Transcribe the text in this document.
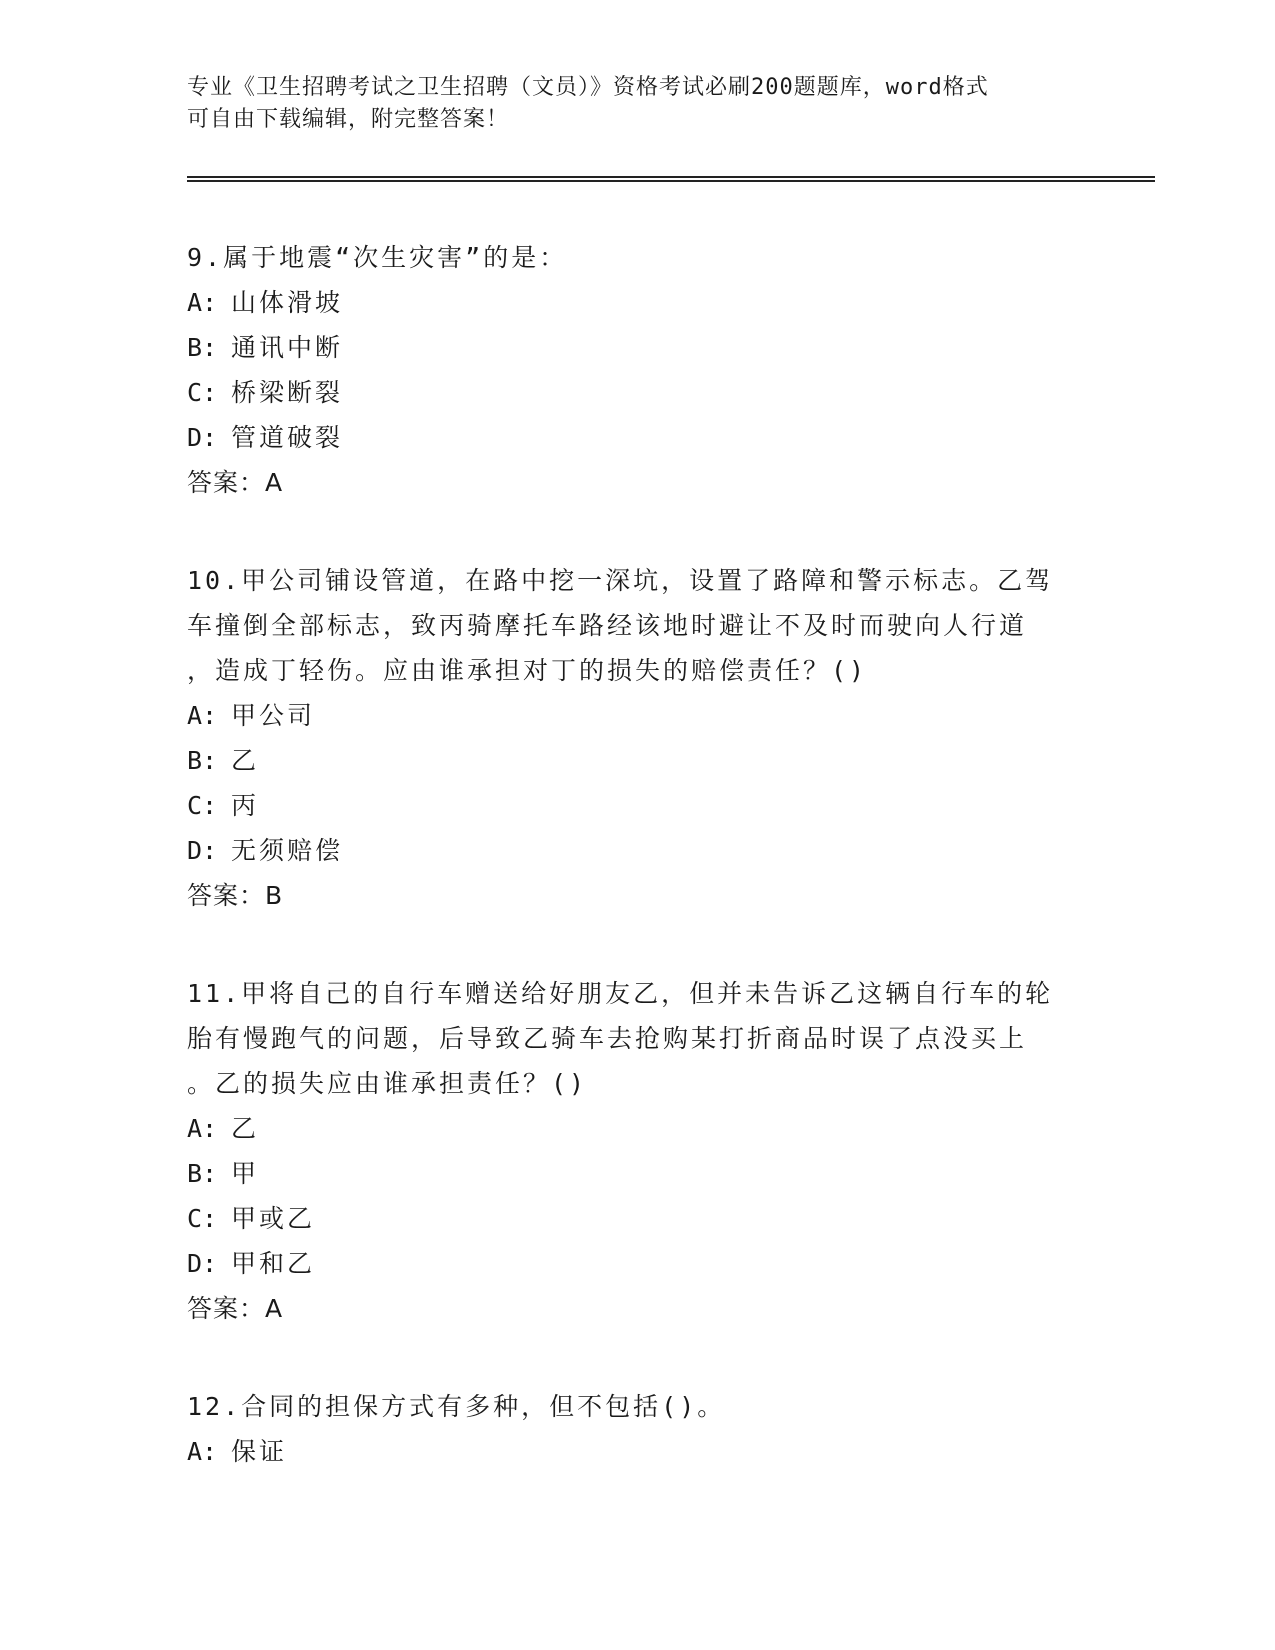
专业《卫生招聘考试之卫生招聘（文员）》资格考试必刷200题题库，word格式
可自由下载编辑，附完整答案！

9.属于地震“次生灾害”的是：

A: 山体滑坡
B: 通讯中断
C: 桥梁断裂
D: 管道破裂
答案：A

10.甲公司铺设管道，在路中挖一深坑，设置了路障和警示标志。乙驾
车撞倒全部标志，致丙骑摩托车路经该地时避让不及时而驶向人行道
，造成丁轻伤。应由谁承担对丁的损失的赔偿责任？()

A: 甲公司
B: 乙
C: 丙
D: 无须赔偿
答案：B

11.甲将自己的自行车赠送给好朋友乙，但并未告诉乙这辆自行车的轮
胎有慢跑气的问题，后导致乙骑车去抢购某打折商品时误了点没买上
。乙的损失应由谁承担责任？()

A: 乙
B: 甲
C: 甲或乙
D: 甲和乙
答案：A

12.合同的担保方式有多种，但不包括()。

A: 保证
